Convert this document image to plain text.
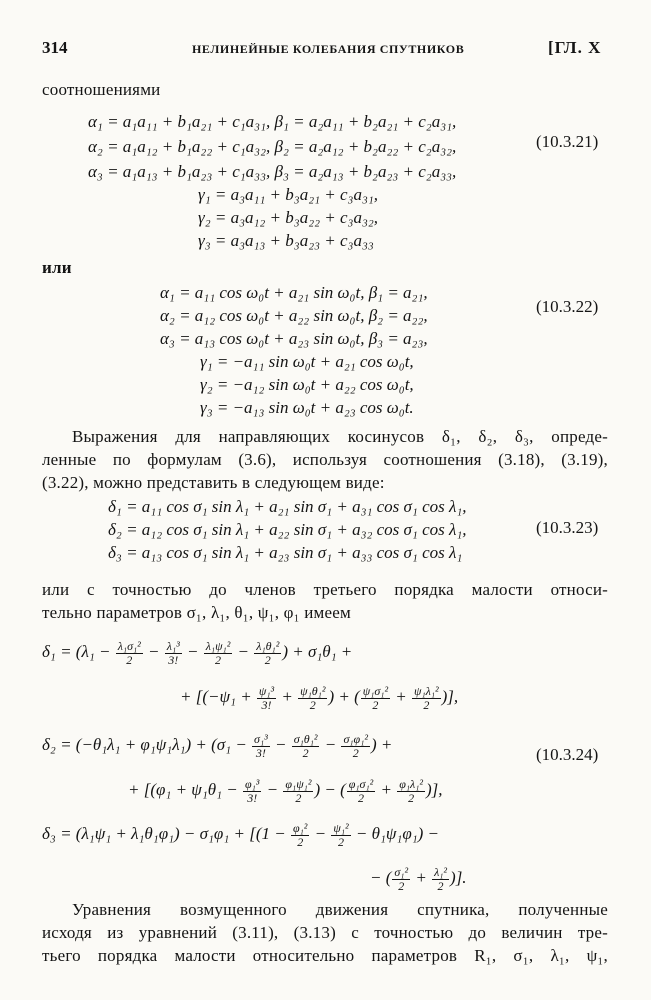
314	НЕЛИНЕЙНЫЕ КОЛЕБАНИЯ СПУТНИКОВ	[ГЛ. X
соотношениями
α₁ = a₁a₁₁ + b₁a₂₁ + c₁a₃₁, β₁ = a₂a₁₁ + b₂a₂₁ + c₂a₃₁,
α₂ = a₁a₁₂ + b₁a₂₂ + c₁a₃₂, β₂ = a₂a₁₂ + b₂a₂₂ + c₂a₃₂,
α₃ = a₁a₁₃ + b₁a₂₃ + c₁a₃₃, β₃ = a₂a₁₃ + b₂a₂₃ + c₂a₃₃,
γ₁ = a₃a₁₁ + b₃a₂₁ + c₃a₃₁,
γ₂ = a₃a₁₂ + b₃a₂₂ + c₃a₃₂,
γ₃ = a₃a₁₃ + b₃a₂₃ + c₃a₃₃
(10.3.21)
или
α₁ = a₁₁ cos ω₀t + a₂₁ sin ω₀t, β₁ = a₂₁,
α₂ = a₁₂ cos ω₀t + a₂₂ sin ω₀t, β₂ = a₂₂,
α₃ = a₁₃ cos ω₀t + a₂₃ sin ω₀t, β₃ = a₂₃,
γ₁ = −a₁₁ sin ω₀t + a₂₁ cos ω₀t,
γ₂ = −a₁₂ sin ω₀t + a₂₂ cos ω₀t,
γ₃ = −a₁₃ sin ω₀t + a₂₃ cos ω₀t.
(10.3.22)
Выражения для направляющих косинусов δ₁, δ₂, δ₃, опреде-
ленные по формулам (3.6), используя соотношения (3.18), (3.19),
(3.22), можно представить в следующем виде:
δ₁ = a₁₁ cos σ₁ sin λ₁ + a₂₁ sin σ₁ + a₃₁ cos σ₁ cos λ₁,
δ₂ = a₁₂ cos σ₁ sin λ₁ + a₂₂ sin σ₁ + a₃₂ cos σ₁ cos λ₁,
δ₃ = a₁₃ cos σ₁ sin λ₁ + a₂₃ sin σ₁ + a₃₃ cos σ₁ cos λ₁
(10.3.23)
или с точностью до членов третьего порядка малости относи-
тельно параметров σ₁, λ₁, θ₁, ψ₁, φ₁ имеем
$\delta_1 = (\lambda_1 - \frac{\text{λ₁σ₁²}}{2} - \frac{\text{λ₁³}}{3!} - \frac{\text{λ₁ψ₁²}}{2} - \frac{\text{λ₁θ₁²}}{2}$ ) + σ₁θ₁ +
+ [($-\psi_1 + \frac{\text{ψ₁³}}{3!} + \frac{\text{ψ₁θ₁²}}{2}$ ) + ( $\frac{\text{ψ₁σ₁²}}{2} + \frac{\text{ψ₁λ₁²}}{2}$ )],
$\delta_2 = (-\theta_1\lambda_1 + \varphi_1\psi_1\lambda_1) + (\sigma_1 - \frac{\text{σ₁³}}{3!} - \frac{\text{σ₁θ₁²}}{2} - \frac{\text{σ₁φ₁²}}{2}$ ) +
+ [($\varphi_1 + \psi_1\theta_1 - \frac{\text{φ₁³}}{3!} - \frac{\text{φ₁ψ₁²}}{2}$ ) − ( $\frac{\text{φ₁σ₁²}}{2} + \frac{\text{φ₁λ₁²}}{2}$ )],
$\delta_3 = (\lambda_1\psi_1 + \lambda_1\theta_1\varphi_1) - \sigma_1\varphi_1 + [(1 - \frac{\text{φ₁²}}{2} - \frac{\text{ψ₁²}}{2} - \theta_1\psi_1\varphi_1)$ −
− ( $\frac{\text{σ₁²}}{2} + \frac{\text{λ₁²}}{2}$ )].
(10.3.24)
Уравнения возмущенного движения спутника, полученные
исходя из уравнений (3.11), (3.13) с точностью до величин тре-
тьего порядка малости относительно параметров R₁, σ₁, λ₁, ψ₁,
